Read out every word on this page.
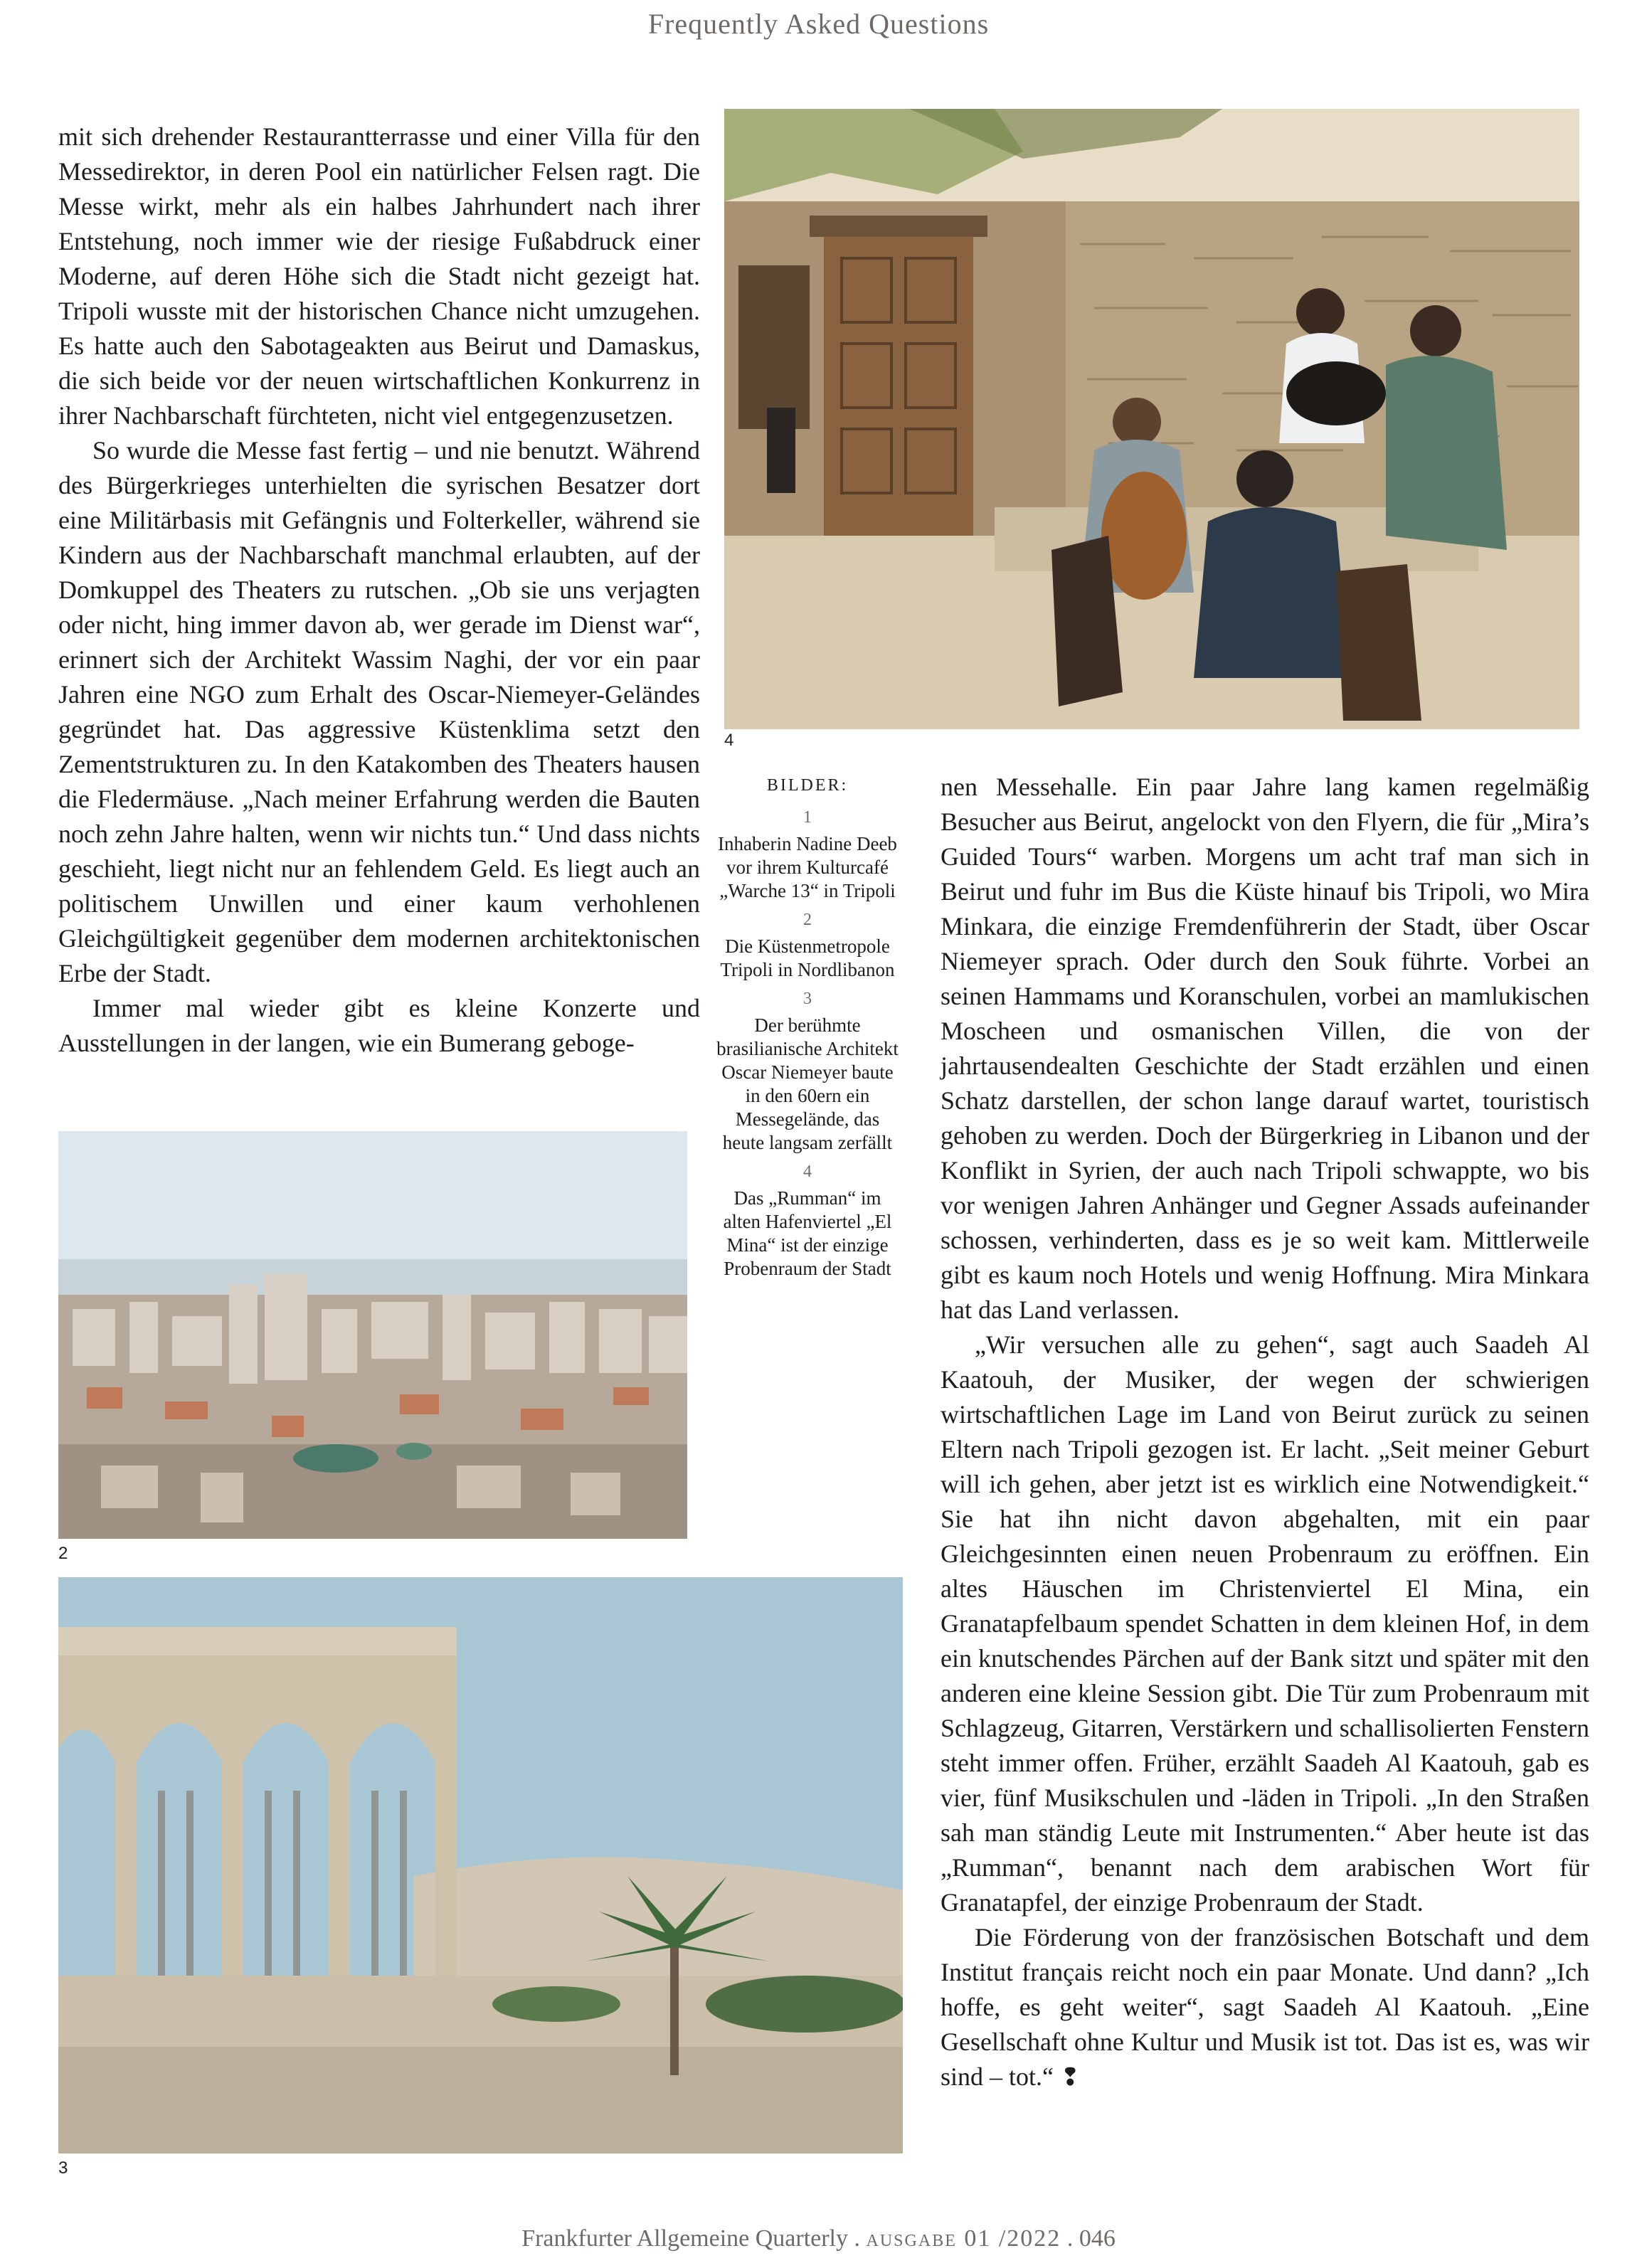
Frequently Asked Questions
4

mit sich drehender Restaurantterrasse und einer Villa für den Messedirektor, in deren Pool ein natürlicher Felsen ragt. Die Messe wirkt, mehr als ein halbes Jahrhundert nach ihrer Entstehung, noch immer wie der riesige Fußabdruck einer Moderne, auf deren Höhe sich die Stadt nicht gezeigt hat. Tripoli wusste mit der historischen Chance nicht umzugehen. Es hatte auch den Sabotageakten aus Beirut und Damaskus, die sich beide vor der neuen wirtschaftlichen Konkurrenz in ihrer Nachbarschaft fürchteten, nicht viel entgegenzusetzen.

So wurde die Messe fast fertig – und nie benutzt. Während des Bürgerkrieges unterhielten die syrischen Besatzer dort eine Militärbasis mit Gefängnis und Folterkeller, während sie Kindern aus der Nachbarschaft manchmal erlaubten, auf der Domkuppel des Theaters zu rutschen. „Ob sie uns verjagten oder nicht, hing immer davon ab, wer gerade im Dienst war“, erinnert sich der Architekt Wassim Naghi, der vor ein paar Jahren eine NGO zum Erhalt des Oscar-Niemeyer-Geländes gegründet hat. Das aggressive Küstenklima setzt den Zementstrukturen zu. In den Katakomben des Theaters hausen die Fledermäuse. „Nach meiner Erfahrung werden die Bauten noch zehn Jahre halten, wenn wir nichts tun.“ Und dass nichts geschieht, liegt nicht nur an fehlendem Geld. Es liegt auch an politischem Unwillen und einer kaum verhohlenen Gleichgültigkeit gegenüber dem modernen architektonischen Erbe der Stadt.

Immer mal wieder gibt es kleine Konzerte und Ausstellungen in der langen, wie ein Bumerang geboge-

BILDER:
1
Inhaberin Nadine Deeb vor ihrem Kulturcafé „Warche 13“ in Tripoli
2
Die Küstenmetropole Tripoli in Nordlibanon
3
Der berühmte brasilianische Architekt Oscar Niemeyer baute in den 60ern ein Messegelände, das heute langsam zerfällt
4
Das „Rumman“ im alten Hafenviertel „El Mina“ ist der einzige Probenraum der Stadt

nen Messehalle. Ein paar Jahre lang kamen regelmäßig Besucher aus Beirut, angelockt von den Flyern, die für „Mira’s Guided Tours“ warben. Morgens um acht traf man sich in Beirut und fuhr im Bus die Küste hinauf bis Tripoli, wo Mira Minkara, die einzige Fremdenführerin der Stadt, über Oscar Niemeyer sprach. Oder durch den Souk führte. Vorbei an seinen Hammams und Koranschulen, vorbei an mamlukischen Moscheen und osmanischen Villen, die von der jahrtausendealten Geschichte der Stadt erzählen und einen Schatz darstellen, der schon lange darauf wartet, touristisch gehoben zu werden. Doch der Bürgerkrieg in Libanon und der Konflikt in Syrien, der auch nach Tripoli schwappte, wo bis vor wenigen Jahren Anhänger und Gegner Assads aufeinander schossen, verhinderten, dass es je so weit kam. Mittlerweile gibt es kaum noch Hotels und wenig Hoffnung. Mira Minkara hat das Land verlassen.

„Wir versuchen alle zu gehen“, sagt auch Saadeh Al Kaatouh, der Musiker, der wegen der schwierigen wirtschaftlichen Lage im Land von Beirut zurück zu seinen Eltern nach Tripoli gezogen ist. Er lacht. „Seit meiner Geburt will ich gehen, aber jetzt ist es wirklich eine Notwendigkeit.“ Sie hat ihn nicht davon abgehalten, mit ein paar Gleichgesinnten einen neuen Probenraum zu eröffnen. Ein altes Häuschen im Christenviertel El Mina, ein Granatapfelbaum spendet Schatten in dem kleinen Hof, in dem ein knutschendes Pärchen auf der Bank sitzt und später mit den anderen eine kleine Session gibt. Die Tür zum Probenraum mit Schlagzeug, Gitarren, Verstärkern und schallisolierten Fenstern steht immer offen. Früher, erzählt Saadeh Al Kaatouh, gab es vier, fünf Musikschulen und -läden in Tripoli. „In den Straßen sah man ständig Leute mit Instrumenten.“ Aber heute ist das „Rumman“, benannt nach dem arabischen Wort für Granatapfel, der einzige Probenraum der Stadt.

Die Förderung von der französischen Botschaft und dem Institut français reicht noch ein paar Monate. Und dann? „Ich hoffe, es geht weiter“, sagt Saadeh Al Kaatouh. „Eine Gesellschaft ohne Kultur und Musik ist tot. Das ist es, was wir sind – tot.“ ❢

2
3
Frankfurter Allgemeine Quarterly . ausgabe 01 /2022 . 046
